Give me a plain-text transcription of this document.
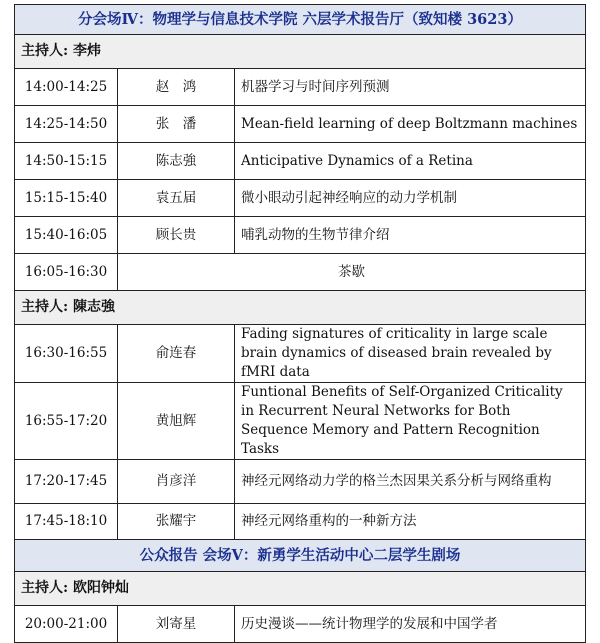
分会场Ⅳ：物理学与信息技术学院 六层学术报告厅（致知楼 3623）		
主持人: 李炜		
14:00-14:25	赵　鸿	机器学习与时间序列预测
14:25-14:50	张　潘	Mean-field learning of deep Boltzmann machines
14:50-15:15	陈志強	Anticipative Dynamics of a Retina
15:15-15:40	袁五届	微小眼动引起神经响应的动力学机制
15:40-16:05	顾长贵	哺乳动物的生物节律介绍
16:05-16:30	茶歇	
主持人: 陳志強		
16:30-16:55	俞连春	Fading signatures of criticality in large scale brain dynamics of diseased brain revealed by fMRI data
16:55-17:20	黄旭辉	Funtional Benefits of Self-Organized Criticality in Recurrent Neural Networks for Both Sequence Memory and Pattern Recognition Tasks
17:20-17:45	肖彦洋	神经元网络动力学的格兰杰因果关系分析与网络重构
17:45-18:10	张耀宇	神经元网络重构的一种新方法
公众报告 会场Ⅴ：新勇学生活动中心二层学生剧场		
主持人: 欧阳钟灿		
20:00-21:00	刘寄星	历史漫谈——统计物理学的发展和中国学者
